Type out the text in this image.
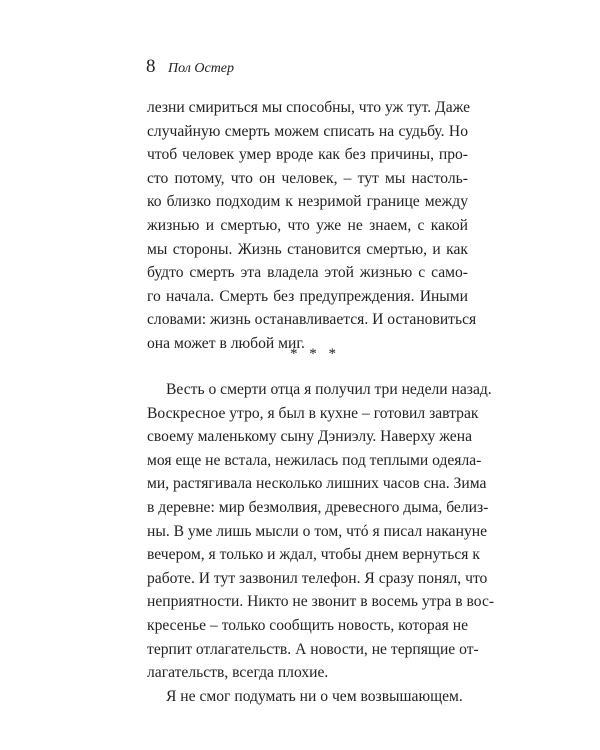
8 Пол Остер
лезни смириться мы способны, что уж тут. Даже
случайную смерть можем списать на судьбу. Но
чтоб человек умер вроде как без причины, про-
сто потому, что он человек, – тут мы настоль-
ко близко подходим к незримой границе между
жизнью и смертью, что уже не знаем, с какой
мы стороны. Жизнь становится смертью, и как
будто смерть эта владела этой жизнью с само-
го начала. Смерть без предупреждения. Иными
словами: жизнь останавливается. И остановиться
она может в любой миг.
* * *
Весть о смерти отца я получил три недели назад.
Воскресное утро, я был в кухне – готовил завтрак
своему маленькому сыну Дэниэлу. Наверху жена
моя еще не встала, нежилась под теплыми одеяла-
ми, растягивала несколько лишних часов сна. Зима
в деревне: мир безмолвия, древесного дыма, белиз-
ны. В уме лишь мысли о том, чтó я писал накануне
вечером, я только и ждал, чтобы днем вернуться к
работе. И тут зазвонил телефон. Я сразу понял, что
неприятности. Никто не звонит в восемь утра в вос-
кресенье – только сообщить новость, которая не
терпит отлагательств. А новости, не терпящие от-
лагательств, всегда плохие.
Я не смог подумать ни о чем возвышающем.
